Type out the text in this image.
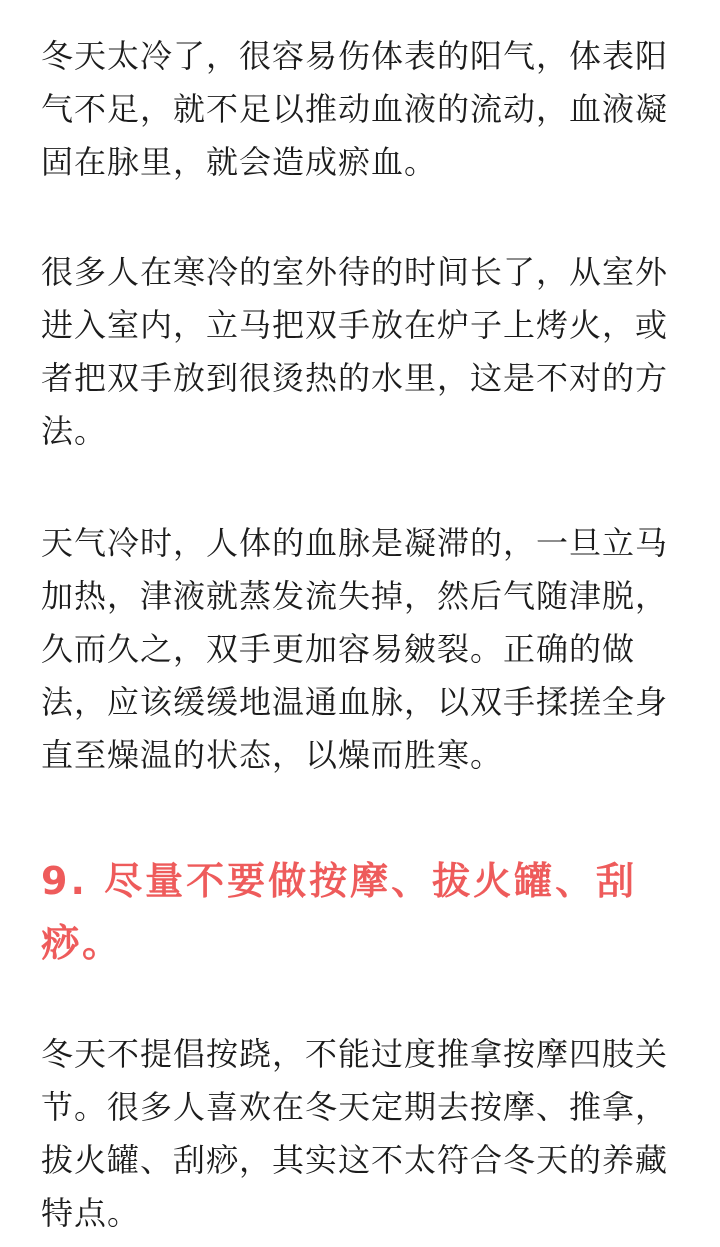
冬天太冷了，很容易伤体表的阳气，体表阳气不足，就不足以推动血液的流动，血液凝固在脉里，就会造成瘀血。

很多人在寒冷的室外待的时间长了，从室外进入室内，立马把双手放在炉子上烤火，或者把双手放到很烫热的水里，这是不对的方法。

天气冷时，人体的血脉是凝滞的，一旦立马加热，津液就蒸发流失掉，然后气随津脱，久而久之，双手更加容易皴裂。正确的做法，应该缓缓地温通血脉，以双手揉搓全身直至燥温的状态，以燥而胜寒。

9. 尽量不要做按摩、拔火罐、刮痧。

冬天不提倡按跷，不能过度推拿按摩四肢关节。很多人喜欢在冬天定期去按摩、推拿，拔火罐、刮痧，其实这不太符合冬天的养藏特点。
